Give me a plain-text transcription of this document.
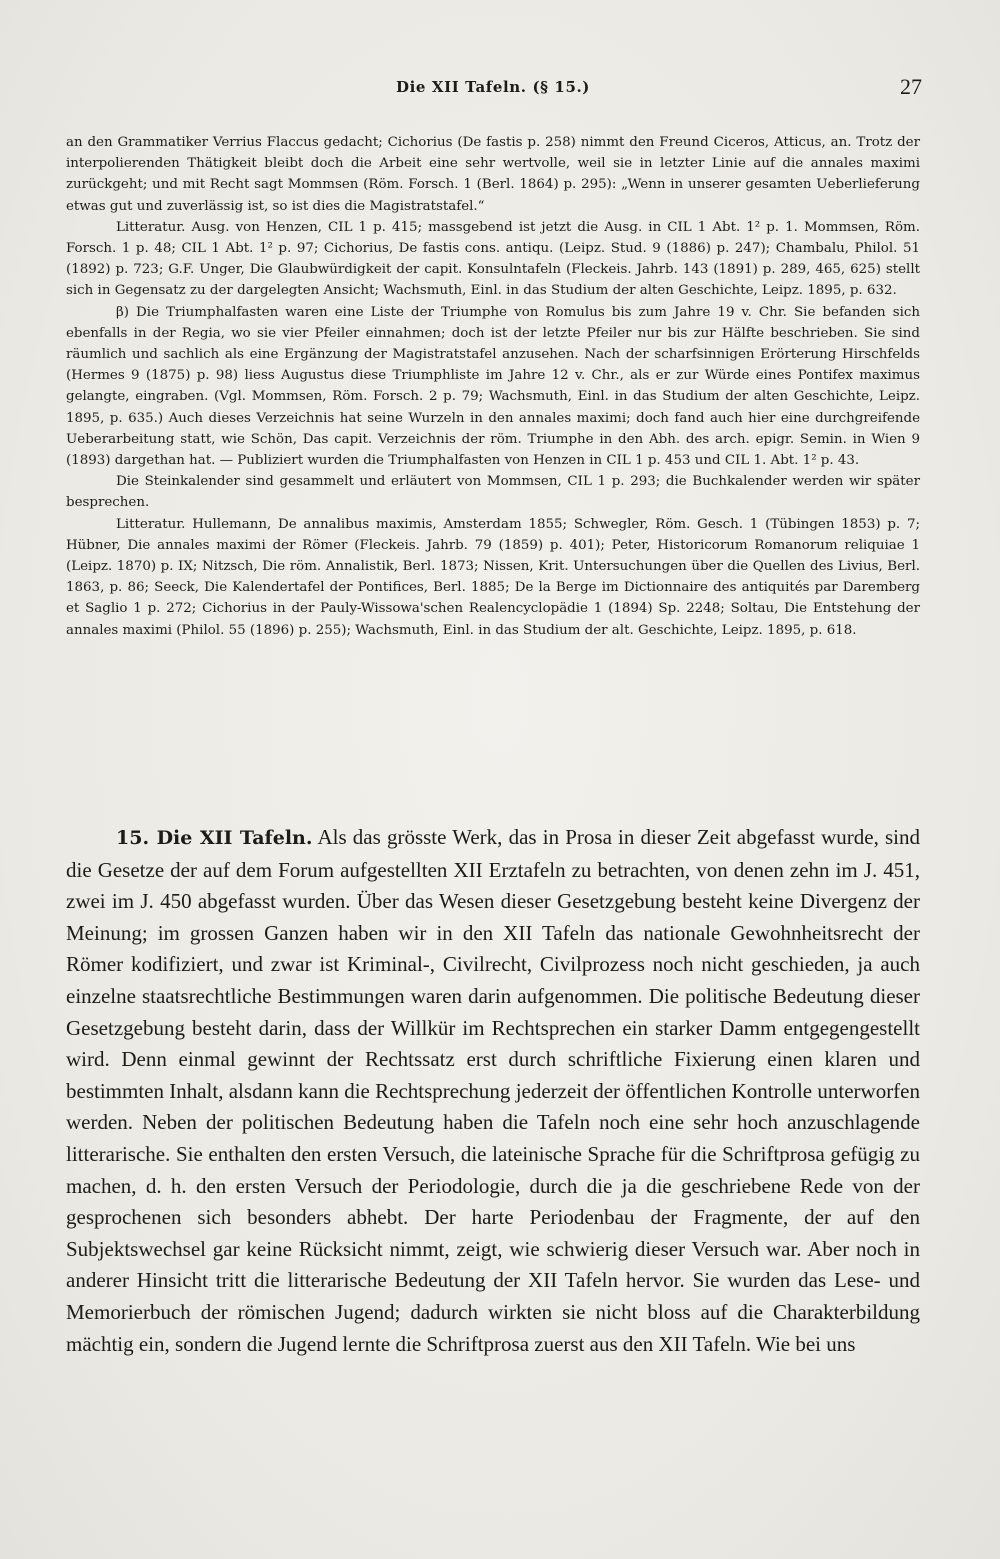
Die XII Tafeln. (§ 15.)	27

an den Grammatiker Verrius Flaccus gedacht; Cichorius (De fastis p. 258) nimmt den Freund Ciceros, Atticus, an. Trotz der interpolierenden Thätigkeit bleibt doch die Arbeit eine sehr wertvolle, weil sie in letzter Linie auf die annales maximi zurückgeht; und mit Recht sagt Mommsen (Röm. Forsch. 1 (Berl. 1864) p. 295): „Wenn in unserer gesamten Ueberlieferung etwas gut und zuverlässig ist, so ist dies die Magistratstafel.“

Litteratur. Ausg. von Henzen, CIL 1 p. 415; massgebend ist jetzt die Ausg. in CIL 1 Abt. 1² p. 1. Mommsen, Röm. Forsch. 1 p. 48; CIL 1 Abt. 1² p. 97; Cichorius, De fastis cons. antiqu. (Leipz. Stud. 9 (1886) p. 247); Chambalu, Philol. 51 (1892) p. 723; G.F. Unger, Die Glaubwürdigkeit der capit. Konsulntafeln (Fleckeis. Jahrb. 143 (1891) p. 289, 465, 625) stellt sich in Gegensatz zu der dargelegten Ansicht; Wachsmuth, Einl. in das Studium der alten Geschichte, Leipz. 1895, p. 632.

β) Die Triumphalfasten waren eine Liste der Triumphe von Romulus bis zum Jahre 19 v. Chr. Sie befanden sich ebenfalls in der Regia, wo sie vier Pfeiler einnahmen; doch ist der letzte Pfeiler nur bis zur Hälfte beschrieben. Sie sind räumlich und sachlich als eine Ergänzung der Magistratstafel anzusehen. Nach der scharfsinnigen Erörterung Hirschfelds (Hermes 9 (1875) p. 98) liess Augustus diese Triumphliste im Jahre 12 v. Chr., als er zur Würde eines Pontifex maximus gelangte, eingraben. (Vgl. Mommsen, Röm. Forsch. 2 p. 79; Wachsmuth, Einl. in das Studium der alten Geschichte, Leipz. 1895, p. 635.) Auch dieses Verzeichnis hat seine Wurzeln in den annales maximi; doch fand auch hier eine durchgreifende Ueberarbeitung statt, wie Schön, Das capit. Verzeichnis der röm. Triumphe in den Abh. des arch. epigr. Semin. in Wien 9 (1893) dargethan hat. — Publiziert wurden die Triumphalfasten von Henzen in CIL 1 p. 453 und CIL 1. Abt. 1² p. 43.

Die Steinkalender sind gesammelt und erläutert von Mommsen, CIL 1 p. 293; die Buchkalender werden wir später besprechen.

Litteratur. Hullemann, De annalibus maximis, Amsterdam 1855; Schwegler, Röm. Gesch. 1 (Tübingen 1853) p. 7; Hübner, Die annales maximi der Römer (Fleckeis. Jahrb. 79 (1859) p. 401); Peter, Historicorum Romanorum reliquiae 1 (Leipz. 1870) p. IX; Nitzsch, Die röm. Annalistik, Berl. 1873; Nissen, Krit. Untersuchungen über die Quellen des Livius, Berl. 1863, p. 86; Seeck, Die Kalendertafel der Pontifices, Berl. 1885; De la Berge im Dictionnaire des antiquités par Daremberg et Saglio 1 p. 272; Cichorius in der Pauly-Wissowa'schen Realencyclopädie 1 (1894) Sp. 2248; Soltau, Die Entstehung der annales maximi (Philol. 55 (1896) p. 255); Wachsmuth, Einl. in das Studium der alt. Geschichte, Leipz. 1895, p. 618.

15. Die XII Tafeln. Als das grösste Werk, das in Prosa in dieser Zeit abgefasst wurde, sind die Gesetze der auf dem Forum aufgestellten XII Erztafeln zu betrachten, von denen zehn im J. 451, zwei im J. 450 abgefasst wurden. Über das Wesen dieser Gesetzgebung besteht keine Divergenz der Meinung; im grossen Ganzen haben wir in den XII Tafeln das nationale Gewohnheitsrecht der Römer kodifiziert, und zwar ist Kriminal-, Civilrecht, Civilprozess noch nicht geschieden, ja auch einzelne staatsrechtliche Bestimmungen waren darin aufgenommen. Die politische Bedeutung dieser Gesetzgebung besteht darin, dass der Willkür im Rechtsprechen ein starker Damm entgegengestellt wird. Denn einmal gewinnt der Rechtssatz erst durch schriftliche Fixierung einen klaren und bestimmten Inhalt, alsdann kann die Rechtsprechung jederzeit der öffentlichen Kontrolle unterworfen werden. Neben der politischen Bedeutung haben die Tafeln noch eine sehr hoch anzuschlagende litterarische. Sie enthalten den ersten Versuch, die lateinische Sprache für die Schriftprosa gefügig zu machen, d. h. den ersten Versuch der Periodologie, durch die ja die geschriebene Rede von der gesprochenen sich besonders abhebt. Der harte Periodenbau der Fragmente, der auf den Subjektswechsel gar keine Rücksicht nimmt, zeigt, wie schwierig dieser Versuch war. Aber noch in anderer Hinsicht tritt die litterarische Bedeutung der XII Tafeln hervor. Sie wurden das Lese- und Memorierbuch der römischen Jugend; dadurch wirkten sie nicht bloss auf die Charakterbildung mächtig ein, sondern die Jugend lernte die Schriftprosa zuerst aus den XII Tafeln. Wie bei uns
